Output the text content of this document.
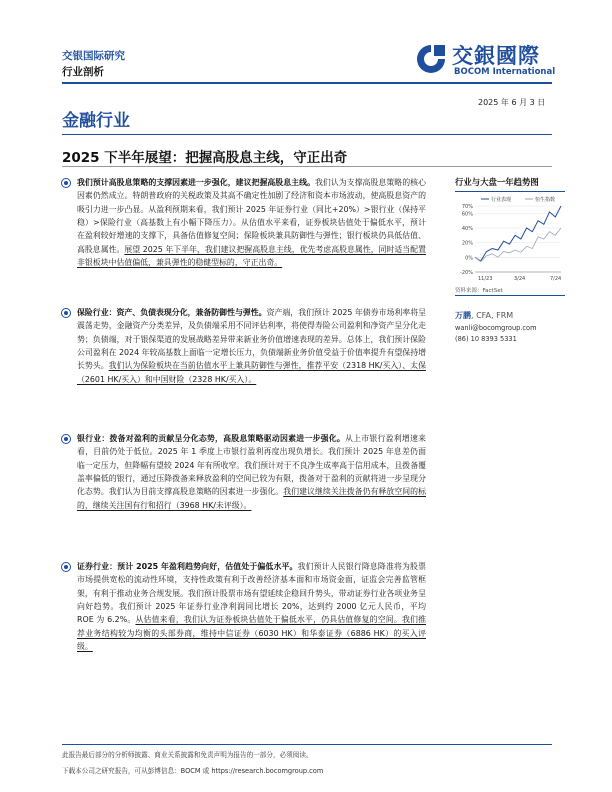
交银国际研究
行业剖析
交銀國際
BOCOM International
2025 年 6 月 3 日
金融行业
2025 下半年展望：把握高股息主线，守正出奇
我们预计高股息策略的支撑因素进一步强化，建议把握高股息主线。我们认为支撑高股息策略的核心因素仍然成立。特朗普政府的关税政策及其高不确定性加剧了经济和资本市场波动，使高股息资产的吸引力进一步凸显。从盈利预期来看，我们预计 2025 年证券行业（同比+20%）>银行业（保持平稳）>保险行业（高基数上有小幅下降压力）。从估值水平来看，证券板块估值处于偏低水平，预计在盈利较好增速的支撑下，具备估值修复空间；保险板块兼具防御性与弹性；银行板块仍具低估值、高股息属性。展望 2025 年下半年，我们建议把握高股息主线，优先考虑高股息属性，同时适当配置非银板块中估值偏低，兼具弹性的稳健型标的，守正出奇。
保险行业：资产、负债表现分化，兼备防御性与弹性。资产端，我们预计 2025 年债券市场利率将呈震荡走势，金融资产分类差异，及负债端采用不同评估利率，将使得寿险公司盈利和净资产呈分化走势；负债端，对于银保渠道的发展战略差异带来新业务价值增速表现的差异。总体上，我们预计保险公司盈利在 2024 年较高基数上面临一定增长压力，负债端新业务价值受益于价值率提升有望保持增长势头。我们认为保险板块在当前估值水平上兼具防御性与弹性，推荐平安（2318 HK/买入）、太保（2601 HK/买入）和中国财险（2328 HK/买入）。
银行业：拨备对盈利的贡献呈分化态势，高股息策略驱动因素进一步强化。从上市银行盈利增速来看，目前仍处于低位。2025 年 1 季度上市银行盈利再度出现负增长。我们预计 2025 年息差仍面临一定压力，但降幅有望较 2024 年有所收窄。我们预计对于不良净生成率高于信用成本，且拨备覆盖率偏低的银行，通过压降拨备来释放盈利的空间已较为有限，拨备对于盈利的贡献将进一步呈现分化态势。我们认为目前支撑高股息策略的因素进一步强化。我们建议继续关注拨备仍有释放空间的标的，继续关注国有行和招行（3968 HK/未评级）。
证券行业：预计 2025 年盈利趋势向好，估值处于偏低水平。我们预计人民银行降息降准将为股票市场提供宽松的流动性环境，支持性政策有利于改善经济基本面和市场资金面，证监会完善监管框架，有利于推动业务合规发展。我们预计股票市场有望延续企稳回升势头，带动证券行业各项业务呈向好趋势。我们预计 2025 年证券行业净利润同比增长 20%，达到约 2000 亿元人民币，平均 ROE 为 6.2%。从估值来看，我们认为证券板块估值处于偏低水平，仍具估值修复的空间。我们推荐业务结构较为均衡的头部券商，维持中信证券（6030 HK）和华泰证券（6886 HK）的买入评级。
行业与大盘一年趋势图
-20%
0%
20%
40%
60%
70%
11/23	3/24	7/24
行业表现	恒生指数
资料来源：FactSet
万鹏, CFA, FRM
wanli@bocomgroup.com
(86) 10 8393 5331
此报告最后部分的分析师披露、商业关系披露和免责声明为报告的一部分，必须阅读。
下载本公司之研究报告，可从彭博信息：BOCM 或 https://research.bocomgroup.com
